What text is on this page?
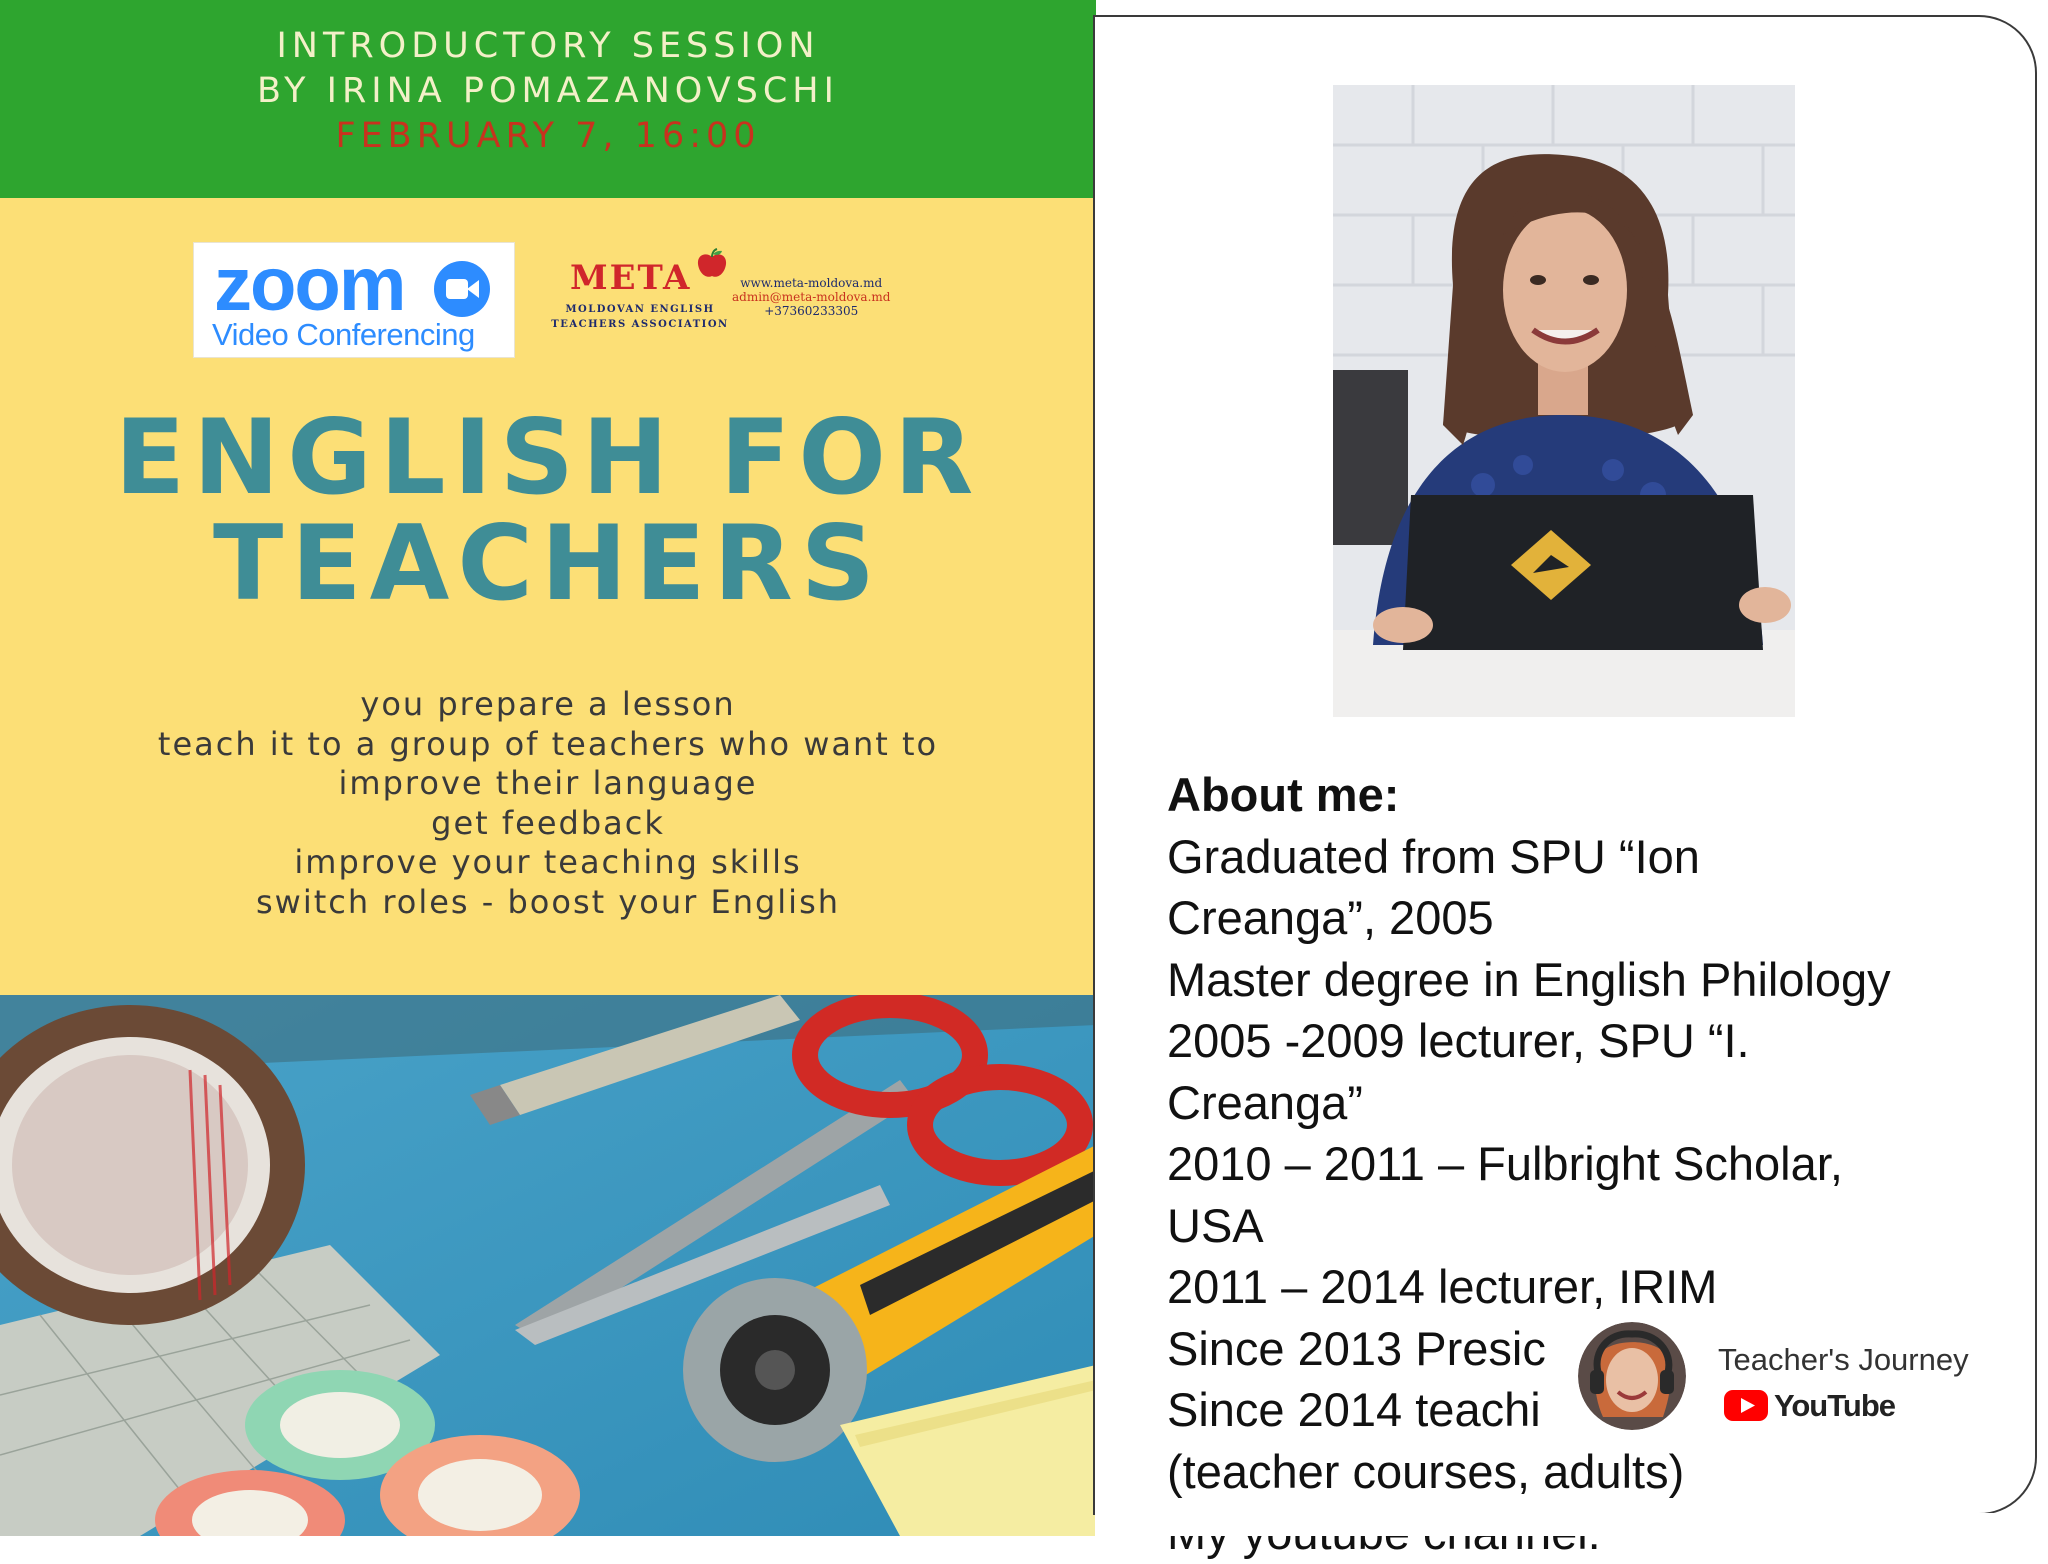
INTRODUCTORY SESSION
BY IRINA POMAZANOVSCHI
FEBRUARY 7, 16:00
zoom
Video Conferencing
META
MOLDOVAN ENGLISH
TEACHERS ASSOCIATION
www.meta-moldova.md
admin@meta-moldova.md
+37360233305
ENGLISH FOR
TEACHERS
you prepare a lesson
teach it to a group of teachers who want to
improve their language
get feedback
improve your teaching skills
switch roles - boost your English
About me:
Graduated from SPU “Ion
Creanga”, 2005
Master degree in English Philology
2005 -2009 lecturer, SPU “I.
Creanga”
2010 – 2011 – Fulbright Scholar,
USA
2011 – 2014 lecturer, IRIM
Since 2013 Presic
Since 2014 teachi
(teacher courses, adults)
Teacher's Journey
YouTube
